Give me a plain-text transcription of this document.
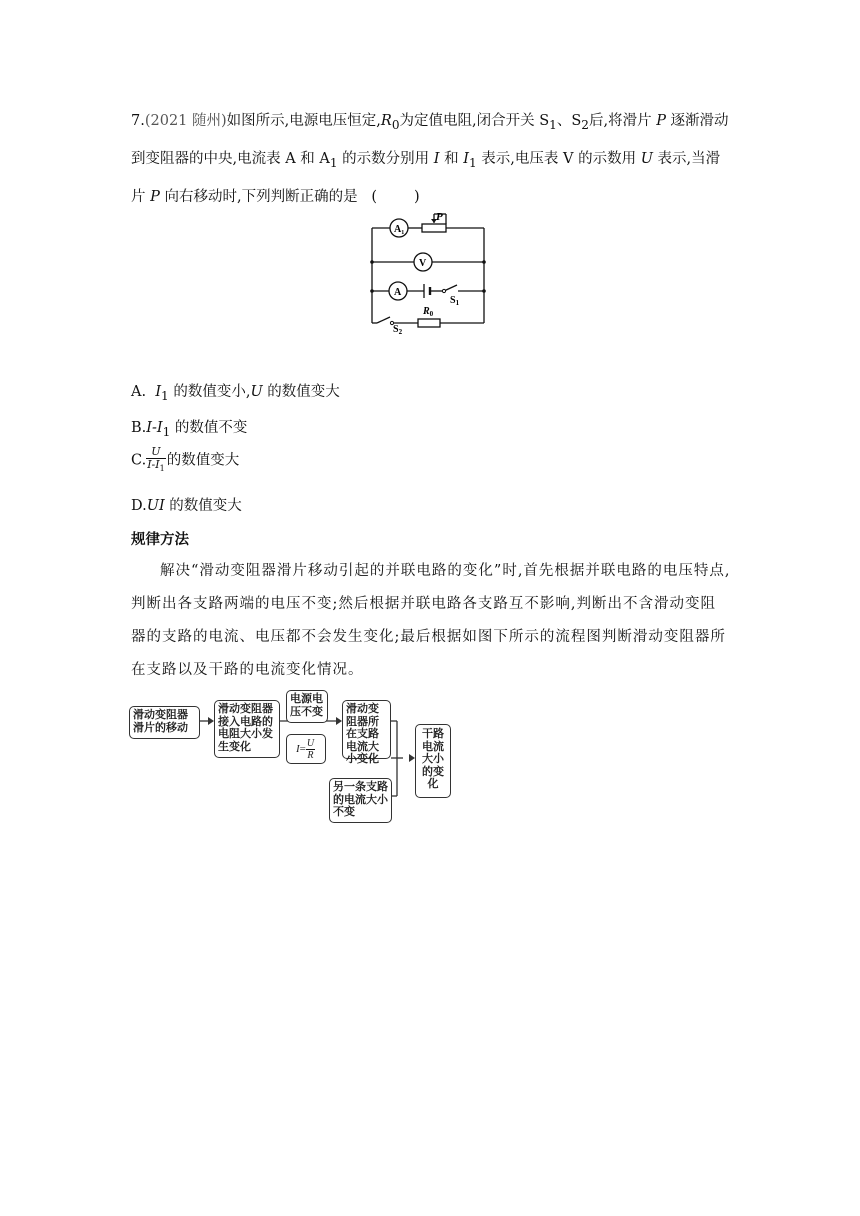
7.(2021 随州)如图所示,电源电压恒定$,R_0$为定值电阻,闭合开关 $S_1$、$S_2$后,将滑片 P 逐渐滑动到变阻器的中央,电流表 A 和 $A_1$ 的示数分别用 I 和 $I_1$ 表示,电压表 V 的示数用 U 表示,当滑片 P 向右移动时,下列判断正确的是   (        )
P
$R_0$
$A_1$
V
A
$S_1$
$S_2$
A.  $I_1$ 的数值变小,U 的数值变大
$B.I-I_1$ 的数值不变
C. $\frac{U}{I-I_1}$ 的数值变大
D.UI 的数值变大
规律方法
解决“滑动变阻器滑片移动引起的并联电路的变化”时,首先根据并联电路的电压特点,判断出各支路两端的电压不变;然后根据并联电路各支路互不影响,判断出不含滑动变阻器的支路的电流、电压都不会发生变化;最后根据如图下所示的流程图判断滑动变阻器所在支路以及干路的电流变化情况。
滑动变阻器滑片的移动
滑动变阻器接入电路的电阻大小发生变化
电源电压不变
$I = \frac{U}{R}$
滑动变阻器所在支路电流大小变化
另一条支路的电流大小不变
干路电流大小的变化
